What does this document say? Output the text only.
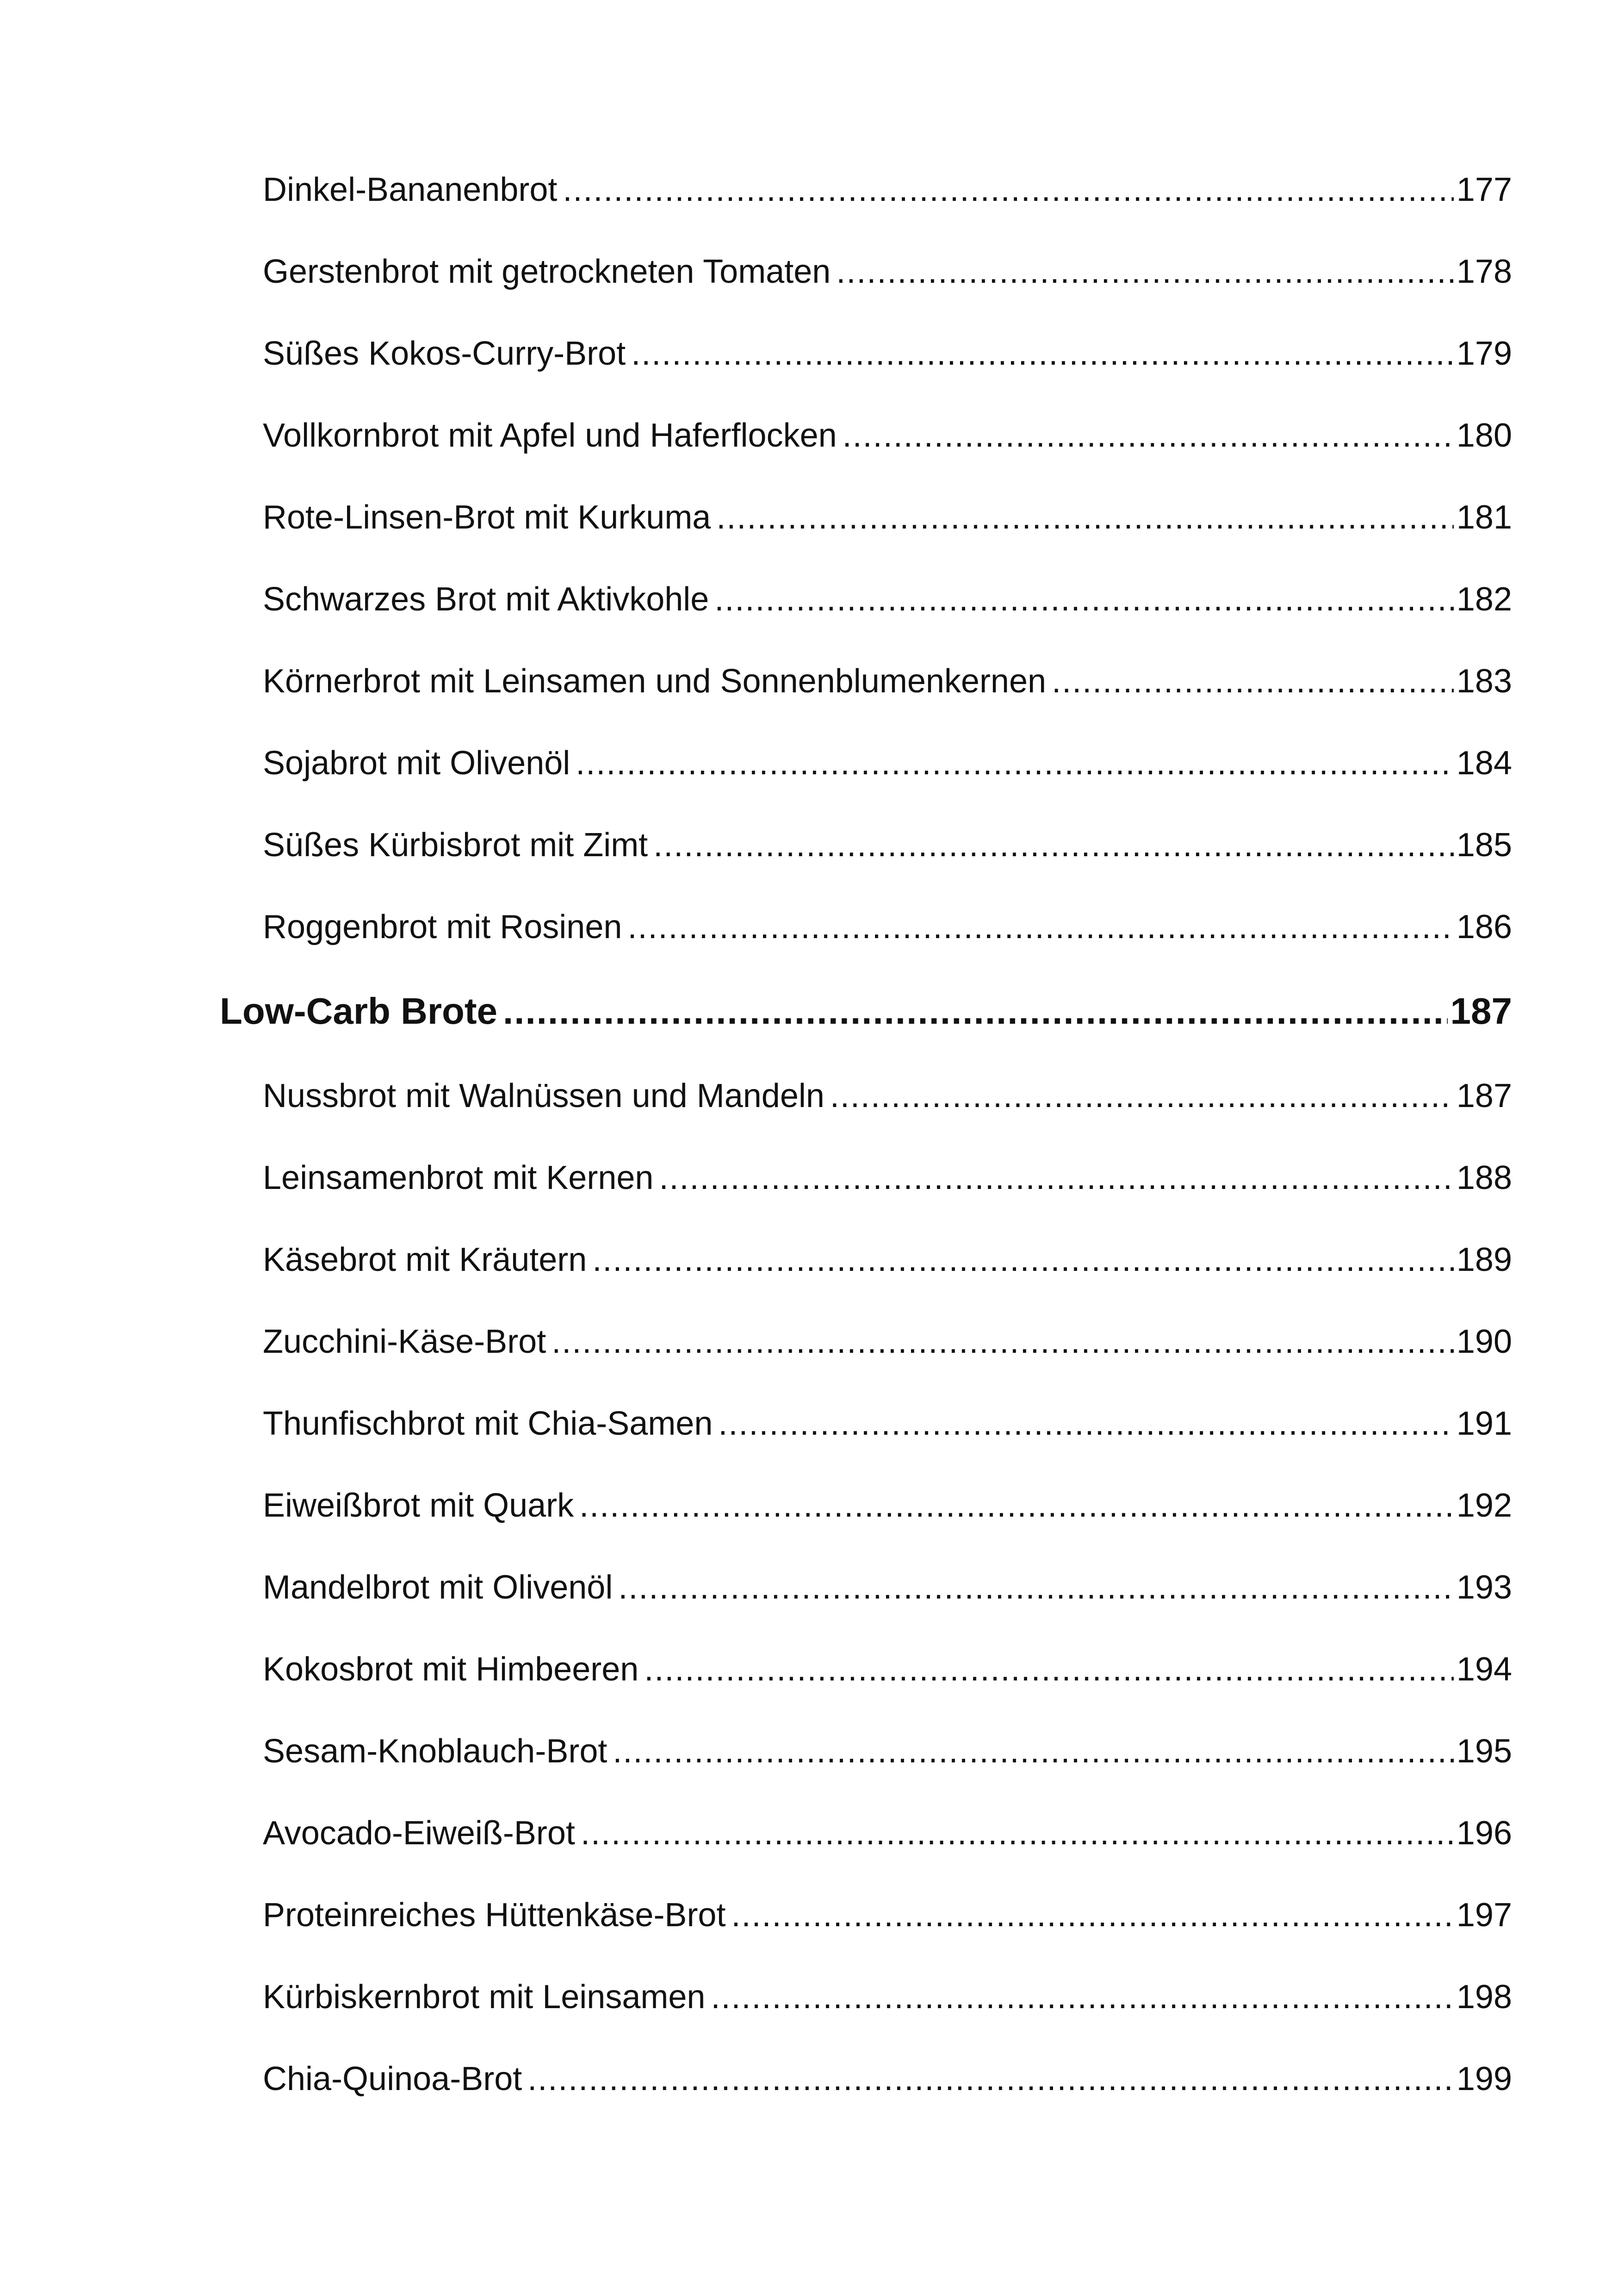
Dinkel-Bananenbrot .....	177
Gerstenbrot mit getrockneten Tomaten .....	178
Süßes Kokos-Curry-Brot .....	179
Vollkornbrot mit Apfel und Haferflocken .....	180
Rote-Linsen-Brot mit Kurkuma .....	181
Schwarzes Brot mit Aktivkohle .....	182
Körnerbrot mit Leinsamen und Sonnenblumenkernen .....	183
Sojabrot mit Olivenöl .....	184
Süßes Kürbisbrot mit Zimt .....	185
Roggenbrot mit Rosinen .....	186
Low-Carb Brote .....	187
Nussbrot mit Walnüssen und Mandeln .....	187
Leinsamenbrot mit Kernen .....	188
Käsebrot mit Kräutern .....	189
Zucchini-Käse-Brot .....	190
Thunfischbrot mit Chia-Samen .....	191
Eiweißbrot mit Quark .....	192
Mandelbrot mit Olivenöl .....	193
Kokosbrot mit Himbeeren .....	194
Sesam-Knoblauch-Brot .....	195
Avocado-Eiweiß-Brot .....	196
Proteinreiches Hüttenkäse-Brot .....	197
Kürbiskernbrot mit Leinsamen .....	198
Chia-Quinoa-Brot .....	199
